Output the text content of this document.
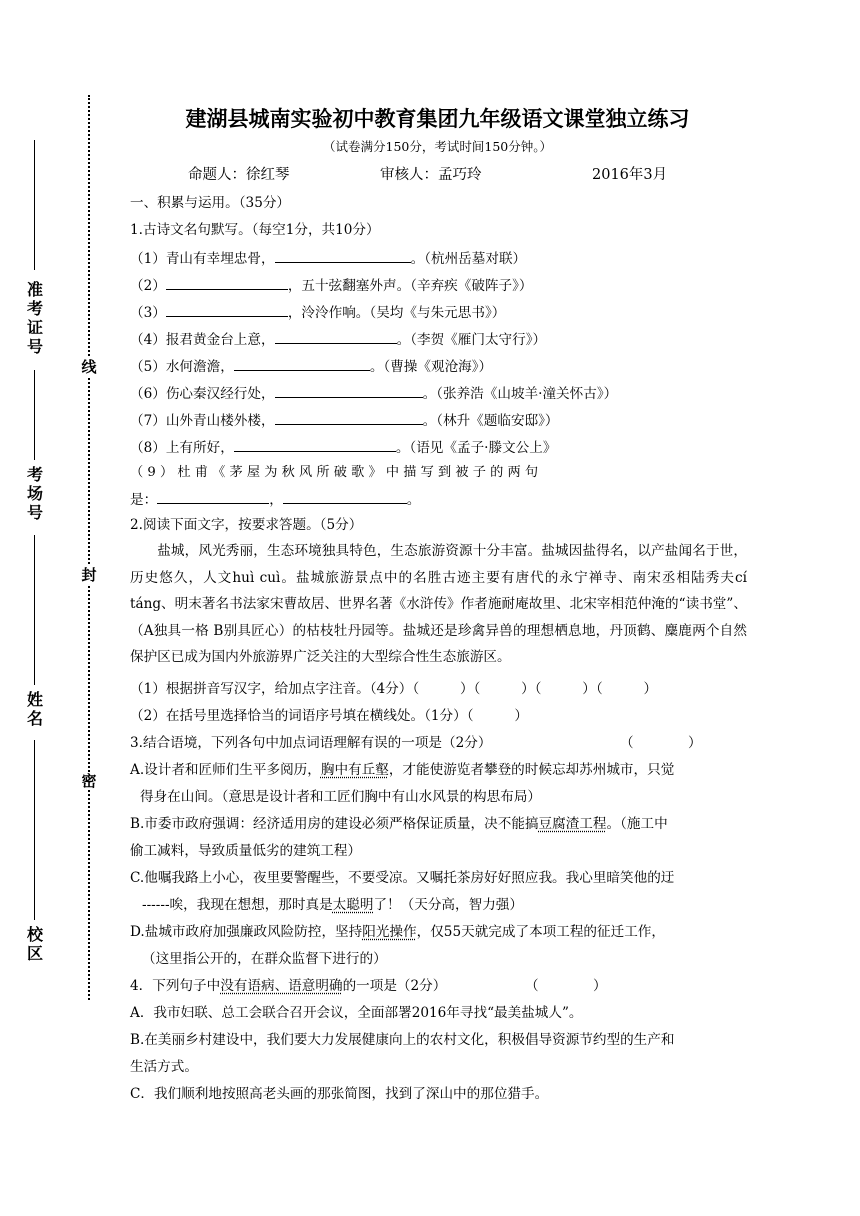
准考证号
考场号
姓名
校区
线
封
密
建湖县城南实验初中教育集团九年级语文课堂独立练习
（试卷满分150分，考试时间150分钟。）
命题人：徐红琴	审核人：孟巧玲	2016年3月
一、积累与运用。（35分）
1.古诗文名句默写。（每空1分，共10分）
（1）青山有幸埋忠骨，	。（杭州岳墓对联）
（2）	，五十弦翻塞外声。（辛弃疾《破阵子》）
（3）	，泠泠作响。（吴均《与朱元思书》）
（4）报君黄金台上意，	。（李贺《雁门太守行》）
（5）水何澹澹，	。（曹操《观沧海》）
（6）伤心秦汉经行处，	。（张养浩《山坡羊·潼关怀古》）
（7）山外青山楼外楼，	。（林升《题临安邸》）
（8）上有所好，	。（语见《孟子·滕文公上》
（ 9 ） 杜 甫 《 茅 屋 为 秋 风 所 破 歌 》 中 描 写 到 被 子 的 两 句
是：	，	。
2.阅读下面文字，按要求答题。（5分）
盐城，风光秀丽，生态环境独具特色，生态旅游资源十分丰富。盐城因盐得名，以产盐闻名于世，历史悠久，人文huì cuì。盐城旅游景点中的名胜古迹主要有唐代的永宁禅寺、南宋丞相陆秀夫cí táng、明末著名书法家宋曹故居、世界名著《水浒传》作者施耐庵故里、北宋宰相范仲淹的“读书堂”、（A独具一格 B别具匠心）的枯枝牡丹园等。盐城还是珍禽异兽的理想栖息地，丹顶鹤、麋鹿两个自然保护区已成为国内外旅游界广泛关注的大型综合性生态旅游区。
（1）根据拼音写汉字，给加点字注音。（4分）（　　　）（　　　）（　　　）（　　　）
（2）在括号里选择恰当的词语序号填在横线处。（1分）（　　　）
3.结合语境，下列各句中加点词语理解有误的一项是（2分）	（　　　　）
A.设计者和匠师们生平多阅历，胸中有丘壑，才能使游览者攀登的时候忘却苏州城市，只觉
得身在山间。（意思是设计者和工匠们胸中有山水风景的构思布局）
B.市委市政府强调：经济适用房的建设必须严格保证质量，决不能搞豆腐渣工程。（施工中
偷工减料，导致质量低劣的建筑工程）
C.他嘱我路上小心，夜里要警醒些，不要受凉。又嘱托茶房好好照应我。我心里暗笑他的迂
------唉，我现在想想，那时真是太聪明了！（天分高，智力强）
D.盐城市政府加强廉政风险防控，坚持阳光操作，仅55天就完成了本项工程的征迁工作，
（这里指公开的，在群众监督下进行的）
4．下列句子中没有语病、语意明确的一项是（2分）	（　　　　）
A．我市妇联、总工会联合召开会议，全面部署2016年寻找“最美盐城人”。
B.在美丽乡村建设中，我们要大力发展健康向上的农村文化，积极倡导资源节约型的生产和
生活方式。
C．我们顺利地按照高老头画的那张简图，找到了深山中的那位猎手。
